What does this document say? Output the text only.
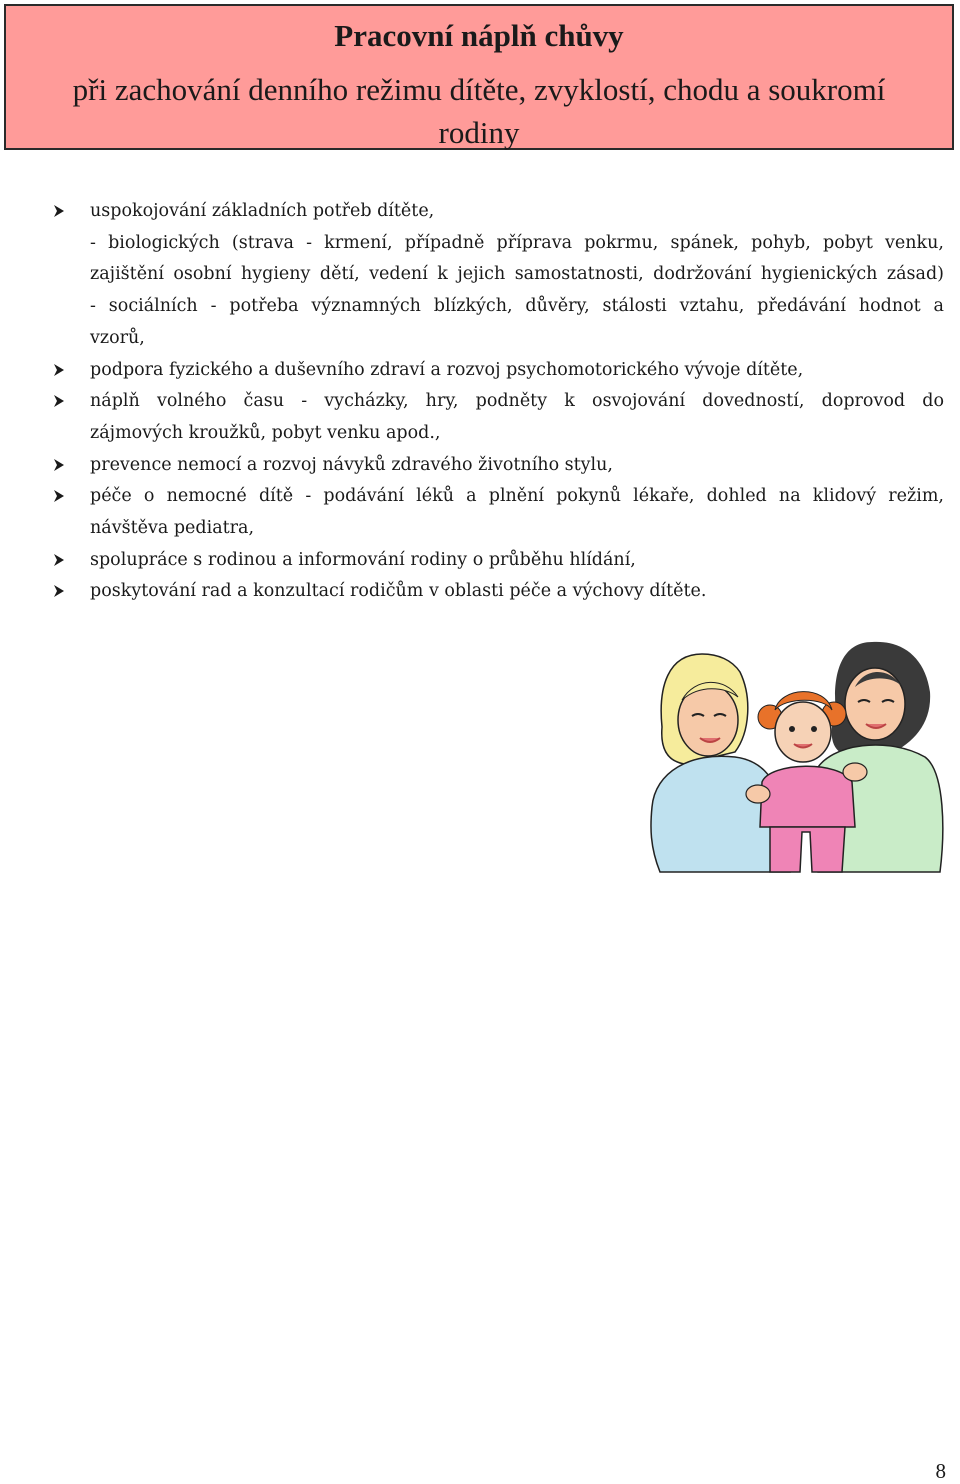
Pracovní náplň chůvy
při zachování denního režimu dítěte, zvyklostí, chodu a soukromí rodiny

uspokojování základních potřeb dítěte,

- biologických (strava - krmení, případně příprava pokrmu, spánek, pohyb, pobyt venku,

zajištění osobní hygieny dětí, vedení k jejich samostatnosti, dodržování hygienických zásad)

- sociálních - potřeba významných blízkých, důvěry, stálosti vztahu, předávání hodnot a

vzorů,

podpora fyzického a duševního zdraví a rozvoj psychomotorického vývoje dítěte,

náplň volného času - vycházky, hry, podněty k osvojování dovedností, doprovod do

zájmových kroužků, pobyt venku apod.,

prevence nemocí a rozvoj návyků zdravého životního stylu,

péče o nemocné dítě - podávání léků a plnění pokynů lékaře, dohled na klidový režim,

návštěva pediatra,

spolupráce s rodinou a informování rodiny o průběhu hlídání,

poskytování rad a konzultací rodičům v oblasti péče a výchovy dítěte.

8
